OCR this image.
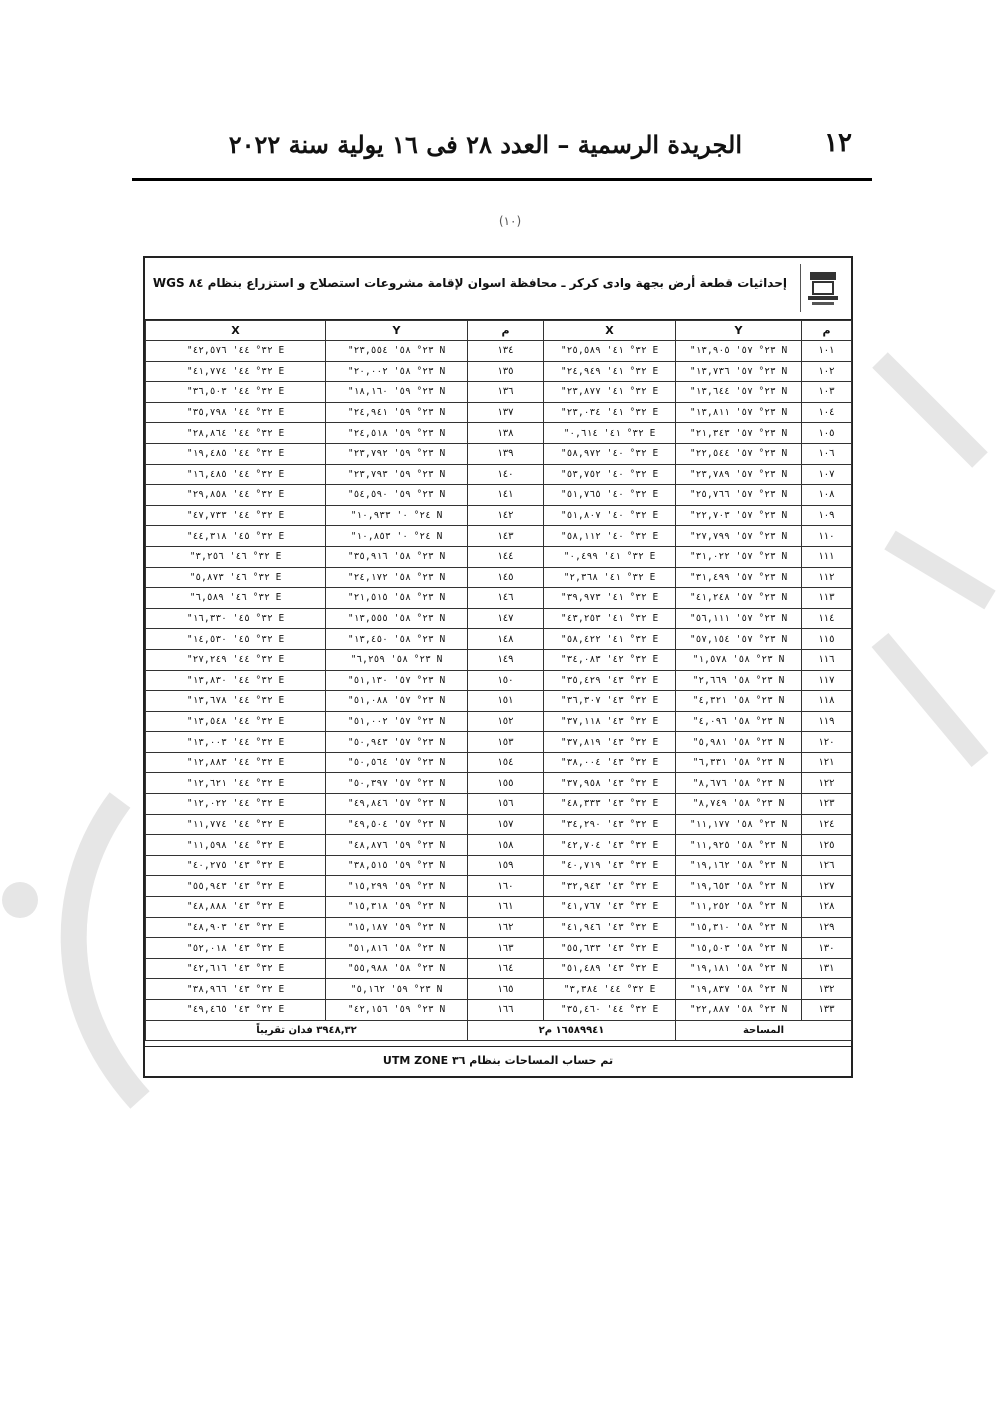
١٢
الجريدة الرسمية – العدد ٢٨ فى ١٦ يولية سنة ٢٠٢٢
(١٠)
إحداثيات قطعة أرض بجهة وادى كركر ـ محافظة اسوان لإقامة مشروعات استصلاح و استزراع بنظام ٨٤ WGS
م	Y	X	م	Y	X
١٠١	N ٢٣° ٥٧' ١٣,٩٠٥"	E ٣٢° ٤١' ٢٥,٥٨٩"	١٣٤	N ٢٣° ٥٨' ٢٣,٥٥٤"	E ٣٢° ٤٤' ٤٢,٥٧٦"
١٠٢	N ٢٣° ٥٧' ١٣,٧٣٦"	E ٣٢° ٤١' ٢٤,٩٤٩"	١٣٥	N ٢٣° ٥٨' ٢٠,٠٠٢"	E ٣٢° ٤٤' ٤١,٧٧٤"
١٠٣	N ٢٣° ٥٧' ١٣,٦٤٤"	E ٣٢° ٤١' ٢٣,٨٧٧"	١٣٦	N ٢٣° ٥٩' ١٨,١٦٠"	E ٣٢° ٤٤' ٣٦,٥٠٣"
١٠٤	N ٢٣° ٥٧' ١٣,٨١١"	E ٣٢° ٤١' ٢٣,٠٣٤"	١٣٧	N ٢٣° ٥٩' ٢٤,٩٤١"	E ٣٢° ٤٤' ٣٥,٧٩٨"
١٠٥	N ٢٣° ٥٧' ٢١,٣٤٣"	E ٣٢° ٤١' ٠,٦١٤"	١٣٨	N ٢٣° ٥٩' ٢٤,٥١٨"	E ٣٢° ٤٤' ٢٨,٨٦٤"
١٠٦	N ٢٣° ٥٧' ٢٢,٥٤٤"	E ٣٢° ٤٠' ٥٨,٩٧٢"	١٣٩	N ٢٣° ٥٩' ٢٣,٧٩٢"	E ٣٢° ٤٤' ١٩,٤٨٥"
١٠٧	N ٢٣° ٥٧' ٢٣,٧٨٩"	E ٣٢° ٤٠' ٥٣,٧٥٢"	١٤٠	N ٢٣° ٥٩' ٢٣,٧٩٣"	E ٣٢° ٤٤' ١٦,٤٨٥"
١٠٨	N ٢٣° ٥٧' ٢٥,٧٦٦"	E ٣٢° ٤٠' ٥١,٧٦٥"	١٤١	N ٢٣° ٥٩' ٥٤,٥٩٠"	E ٣٢° ٤٤' ٢٩,٨٥٨"
١٠٩	N ٢٣° ٥٧' ٢٢,٧٠٣"	E ٣٢° ٤٠' ٥١,٨٠٧"	١٤٢	N ٢٤° ٠' ١٠,٩٣٣"	E ٣٢° ٤٤' ٤٧,٧٣٣"
١١٠	N ٢٣° ٥٧' ٢٧,٧٩٩"	E ٣٢° ٤٠' ٥٨,١١٢"	١٤٣	N ٢٤° ٠' ١٠,٨٥٣"	E ٣٢° ٤٥' ٤٤,٣١٨"
١١١	N ٢٣° ٥٧' ٣١,٠٢٢"	E ٣٢° ٤١' ٠,٤٩٩"	١٤٤	N ٢٣° ٥٨' ٣٥,٩١٦"	E ٣٢° ٤٦' ٣,٢٥٦"
١١٢	N ٢٣° ٥٧' ٣١,٤٩٩"	E ٣٢° ٤١' ٢,٣٦٨"	١٤٥	N ٢٣° ٥٨' ٢٤,١٧٢"	E ٣٢° ٤٦' ٥,٨٧٣"
١١٣	N ٢٣° ٥٧' ٤١,٢٤٨"	E ٣٢° ٤١' ٣٩,٩٧٣"	١٤٦	N ٢٣° ٥٨' ٢١,٥١٥"	E ٣٢° ٤٦' ٦,٥٨٩"
١١٤	N ٢٣° ٥٧' ٥٦,١١١"	E ٣٢° ٤١' ٤٣,٢٥٣"	١٤٧	N ٢٣° ٥٨' ١٣,٥٥٥"	E ٣٢° ٤٥' ١٦,٣٣٠"
١١٥	N ٢٣° ٥٧' ٥٧,١٥٤"	E ٣٢° ٤١' ٥٨,٤٢٢"	١٤٨	N ٢٣° ٥٨' ١٣,٤٥٠"	E ٣٢° ٤٥' ١٤,٥٣٠"
١١٦	N ٢٣° ٥٨' ١,٥٧٨"	E ٣٢° ٤٢' ٣٤,٠٨٣"	١٤٩	N ٢٣° ٥٨' ٦,٢٥٩"	E ٣٢° ٤٤' ٢٧,٢٤٩"
١١٧	N ٢٣° ٥٨' ٢,٦٦٩"	E ٣٢° ٤٣' ٣٥,٤٢٩"	١٥٠	N ٢٣° ٥٧' ٥١,١٣٠"	E ٣٢° ٤٤' ١٣,٨٣٠"
١١٨	N ٢٣° ٥٨' ٤,٣٢١"	E ٣٢° ٤٣' ٣٦,٣٠٧"	١٥١	N ٢٣° ٥٧' ٥١,٠٨٨"	E ٣٢° ٤٤' ١٣,٦٧٨"
١١٩	N ٢٣° ٥٨' ٤,٠٩٦"	E ٣٢° ٤٣' ٣٧,١١٨"	١٥٢	N ٢٣° ٥٧' ٥١,٠٠٢"	E ٣٢° ٤٤' ١٣,٥٤٨"
١٢٠	N ٢٣° ٥٨' ٥,٩٨١"	E ٣٢° ٤٣' ٣٧,٨١٩"	١٥٣	N ٢٣° ٥٧' ٥٠,٩٤٣"	E ٣٢° ٤٤' ١٣,٠٠٣"
١٢١	N ٢٣° ٥٨' ٦,٣٣١"	E ٣٢° ٤٣' ٣٨,٠٠٤"	١٥٤	N ٢٣° ٥٧' ٥٠,٥٦٤"	E ٣٢° ٤٤' ١٢,٨٨٣"
١٢٢	N ٢٣° ٥٨' ٨,٦٧٦"	E ٣٢° ٤٣' ٣٧,٩٥٨"	١٥٥	N ٢٣° ٥٧' ٥٠,٣٩٧"	E ٣٢° ٤٤' ١٢,٦٢١"
١٢٣	N ٢٣° ٥٨' ٨,٧٤٩"	E ٣٢° ٤٣' ٤٨,٣٣٣"	١٥٦	N ٢٣° ٥٧' ٤٩,٨٤٦"	E ٣٢° ٤٤' ١٢,٠٢٢"
١٢٤	N ٢٣° ٥٨' ١١,١٧٧"	E ٣٢° ٤٣' ٣٤,٢٩٠"	١٥٧	N ٢٣° ٥٧' ٤٩,٥٠٤"	E ٣٢° ٤٤' ١١,٧٧٤"
١٢٥	N ٢٣° ٥٨' ١١,٩٢٥"	E ٣٢° ٤٣' ٤٢,٧٠٤"	١٥٨	N ٢٣° ٥٩' ٤٨,٨٧٦"	E ٣٢° ٤٤' ١١,٥٩٨"
١٢٦	N ٢٣° ٥٨' ١٩,١٦٢"	E ٣٢° ٤٣' ٤٠,٧١٩"	١٥٩	N ٢٣° ٥٩' ٣٨,٥١٥"	E ٣٢° ٤٣' ٤٠,٢٧٥"
١٢٧	N ٢٣° ٥٨' ١٩,٦٥٣"	E ٣٢° ٤٣' ٣٢,٩٤٣"	١٦٠	N ٢٣° ٥٩' ١٥,٢٩٩"	E ٣٢° ٤٣' ٥٥,٩٤٣"
١٢٨	N ٢٣° ٥٨' ١١,٢٥٢"	E ٣٢° ٤٣' ٤١,٧٦٧"	١٦١	N ٢٣° ٥٩' ١٥,٣١٨"	E ٣٢° ٤٣' ٤٨,٨٨٨"
١٢٩	N ٢٣° ٥٨' ١٥,٣١٠"	E ٣٢° ٤٣' ٤١,٩٤٦"	١٦٢	N ٢٣° ٥٩' ١٥,١٨٧"	E ٣٢° ٤٣' ٤٨,٩٠٣"
١٣٠	N ٢٣° ٥٨' ١٥,٥٠٣"	E ٣٢° ٤٣' ٥٥,٦٣٣"	١٦٣	N ٢٣° ٥٨' ٥١,٨١٦"	E ٣٢° ٤٣' ٥٢,٠١٨"
١٣١	N ٢٣° ٥٨' ١٩,١٨١"	E ٣٢° ٤٣' ٥١,٤٨٩"	١٦٤	N ٢٣° ٥٨' ٥٥,٩٨٨"	E ٣٢° ٤٣' ٤٢,٦١٦"
١٣٢	N ٢٣° ٥٨' ١٩,٨٣٧"	E ٣٢° ٤٤' ٣,٣٨٤"	١٦٥	N ٢٣° ٥٩' ٥,١٦٢"	E ٣٢° ٤٣' ٣٨,٩٦٦"
١٣٣	N ٢٣° ٥٨' ٢٢,٨٨٧"	E ٣٢° ٤٤' ٣٥,٤٦٠"	١٦٦	N ٢٣° ٥٩' ٤٢,١٥٦"	E ٣٢° ٤٣' ٤٩,٤٦٥"
المساحة		١٦٥٨٩٩٤١ م٢		٣٩٤٨,٣٢ فدان تقريباً	
تم حساب المساحات بنظام ٣٦ UTM ZONE
